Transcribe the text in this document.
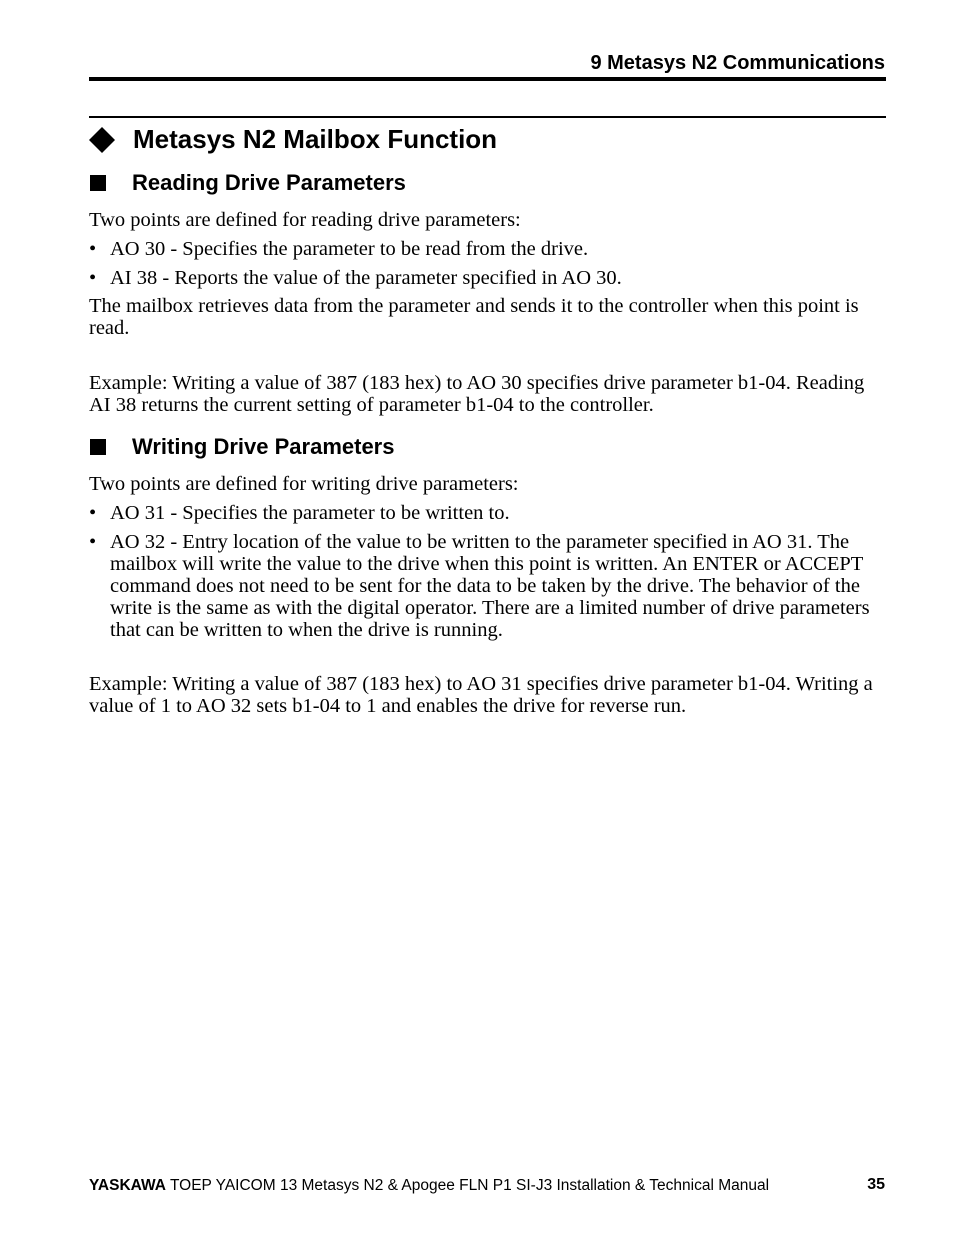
9 Metasys N2 Communications
Metasys N2 Mailbox Function
Reading Drive Parameters
Two points are defined for reading drive parameters:
• AO 30 - Specifies the parameter to be read from the drive.
• AI 38 - Reports the value of the parameter specified in AO 30.
The mailbox retrieves data from the parameter and sends it to the controller when this point is read.
Example: Writing a value of 387 (183 hex) to AO 30 specifies drive parameter b1-04. Reading AI 38 returns the current setting of parameter b1-04 to the controller.
Writing Drive Parameters
Two points are defined for writing drive parameters:
• AO 31 - Specifies the parameter to be written to.
• AO 32 - Entry location of the value to be written to the parameter specified in AO 31. The mailbox will write the value to the drive when this point is written. An ENTER or ACCEPT command does not need to be sent for the data to be taken by the drive. The behavior of the write is the same as with the digital operator. There are a limited number of drive parameters that can be written to when the drive is running.
Example: Writing a value of 387 (183 hex) to AO 31 specifies drive parameter b1-04. Writing a value of 1 to AO 32 sets b1-04 to 1 and enables the drive for reverse run.
YASKAWA TOEP YAICOM 13 Metasys N2 & Apogee FLN P1 SI-J3 Installation & Technical Manual	35
